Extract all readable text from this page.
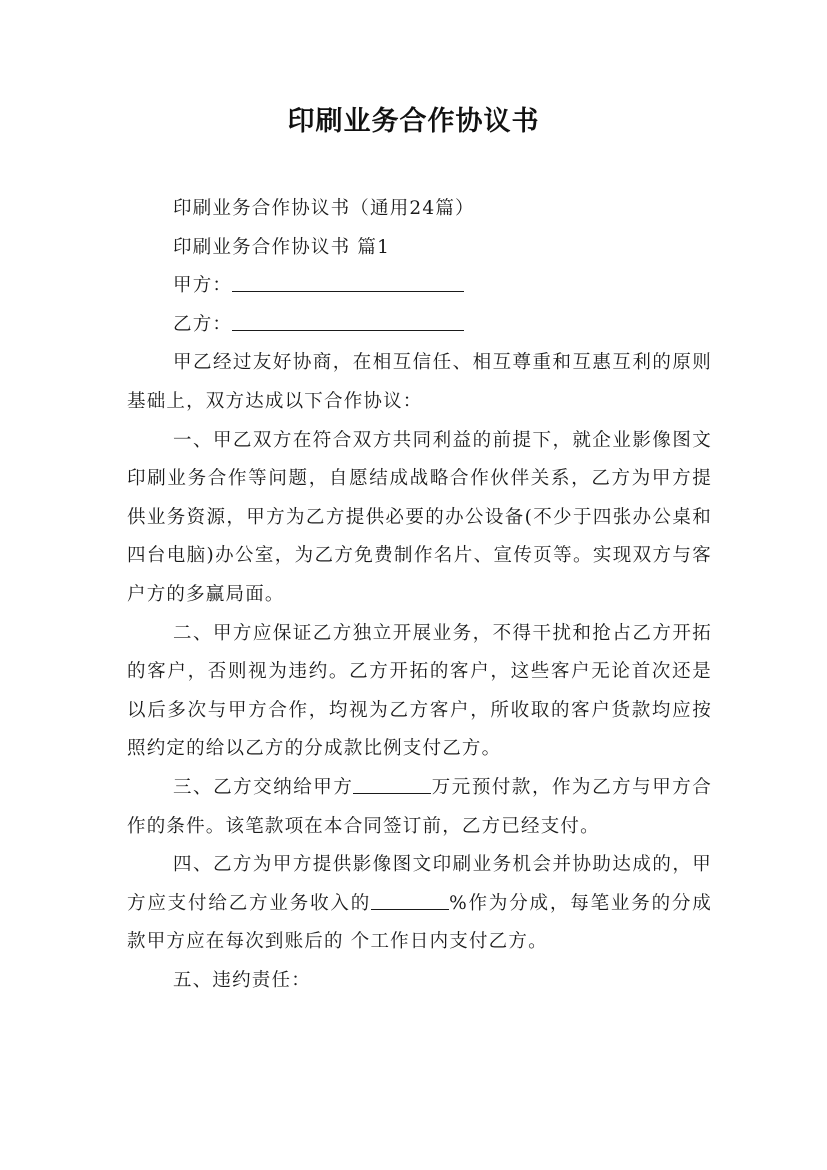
印刷业务合作协议书

印刷业务合作协议书（通用24篇）

印刷业务合作协议书 篇1

甲方：

乙方：

甲乙经过友好协商，在相互信任、相互尊重和互惠互利的原则基础上，双方达成以下合作协议：

一、甲乙双方在符合双方共同利益的前提下，就企业影像图文印刷业务合作等问题，自愿结成战略合作伙伴关系，乙方为甲方提供业务资源，甲方为乙方提供必要的办公设备(不少于四张办公桌和四台电脑)办公室，为乙方免费制作名片、宣传页等。实现双方与客户方的多赢局面。

二、甲方应保证乙方独立开展业务，不得干扰和抢占乙方开拓的客户，否则视为违约。乙方开拓的客户，这些客户无论首次还是以后多次与甲方合作，均视为乙方客户，所收取的客户货款均应按照约定的给以乙方的分成款比例支付乙方。

三、乙方交纳给甲方	万元预付款，作为乙方与甲方合作的条件。该笔款项在本合同签订前，乙方已经支付。

四、乙方为甲方提供影像图文印刷业务机会并协助达成的，甲方应支付给乙方业务收入的	%作为分成，每笔业务的分成款甲方应在每次到账后的 个工作日内支付乙方。

五、违约责任：
